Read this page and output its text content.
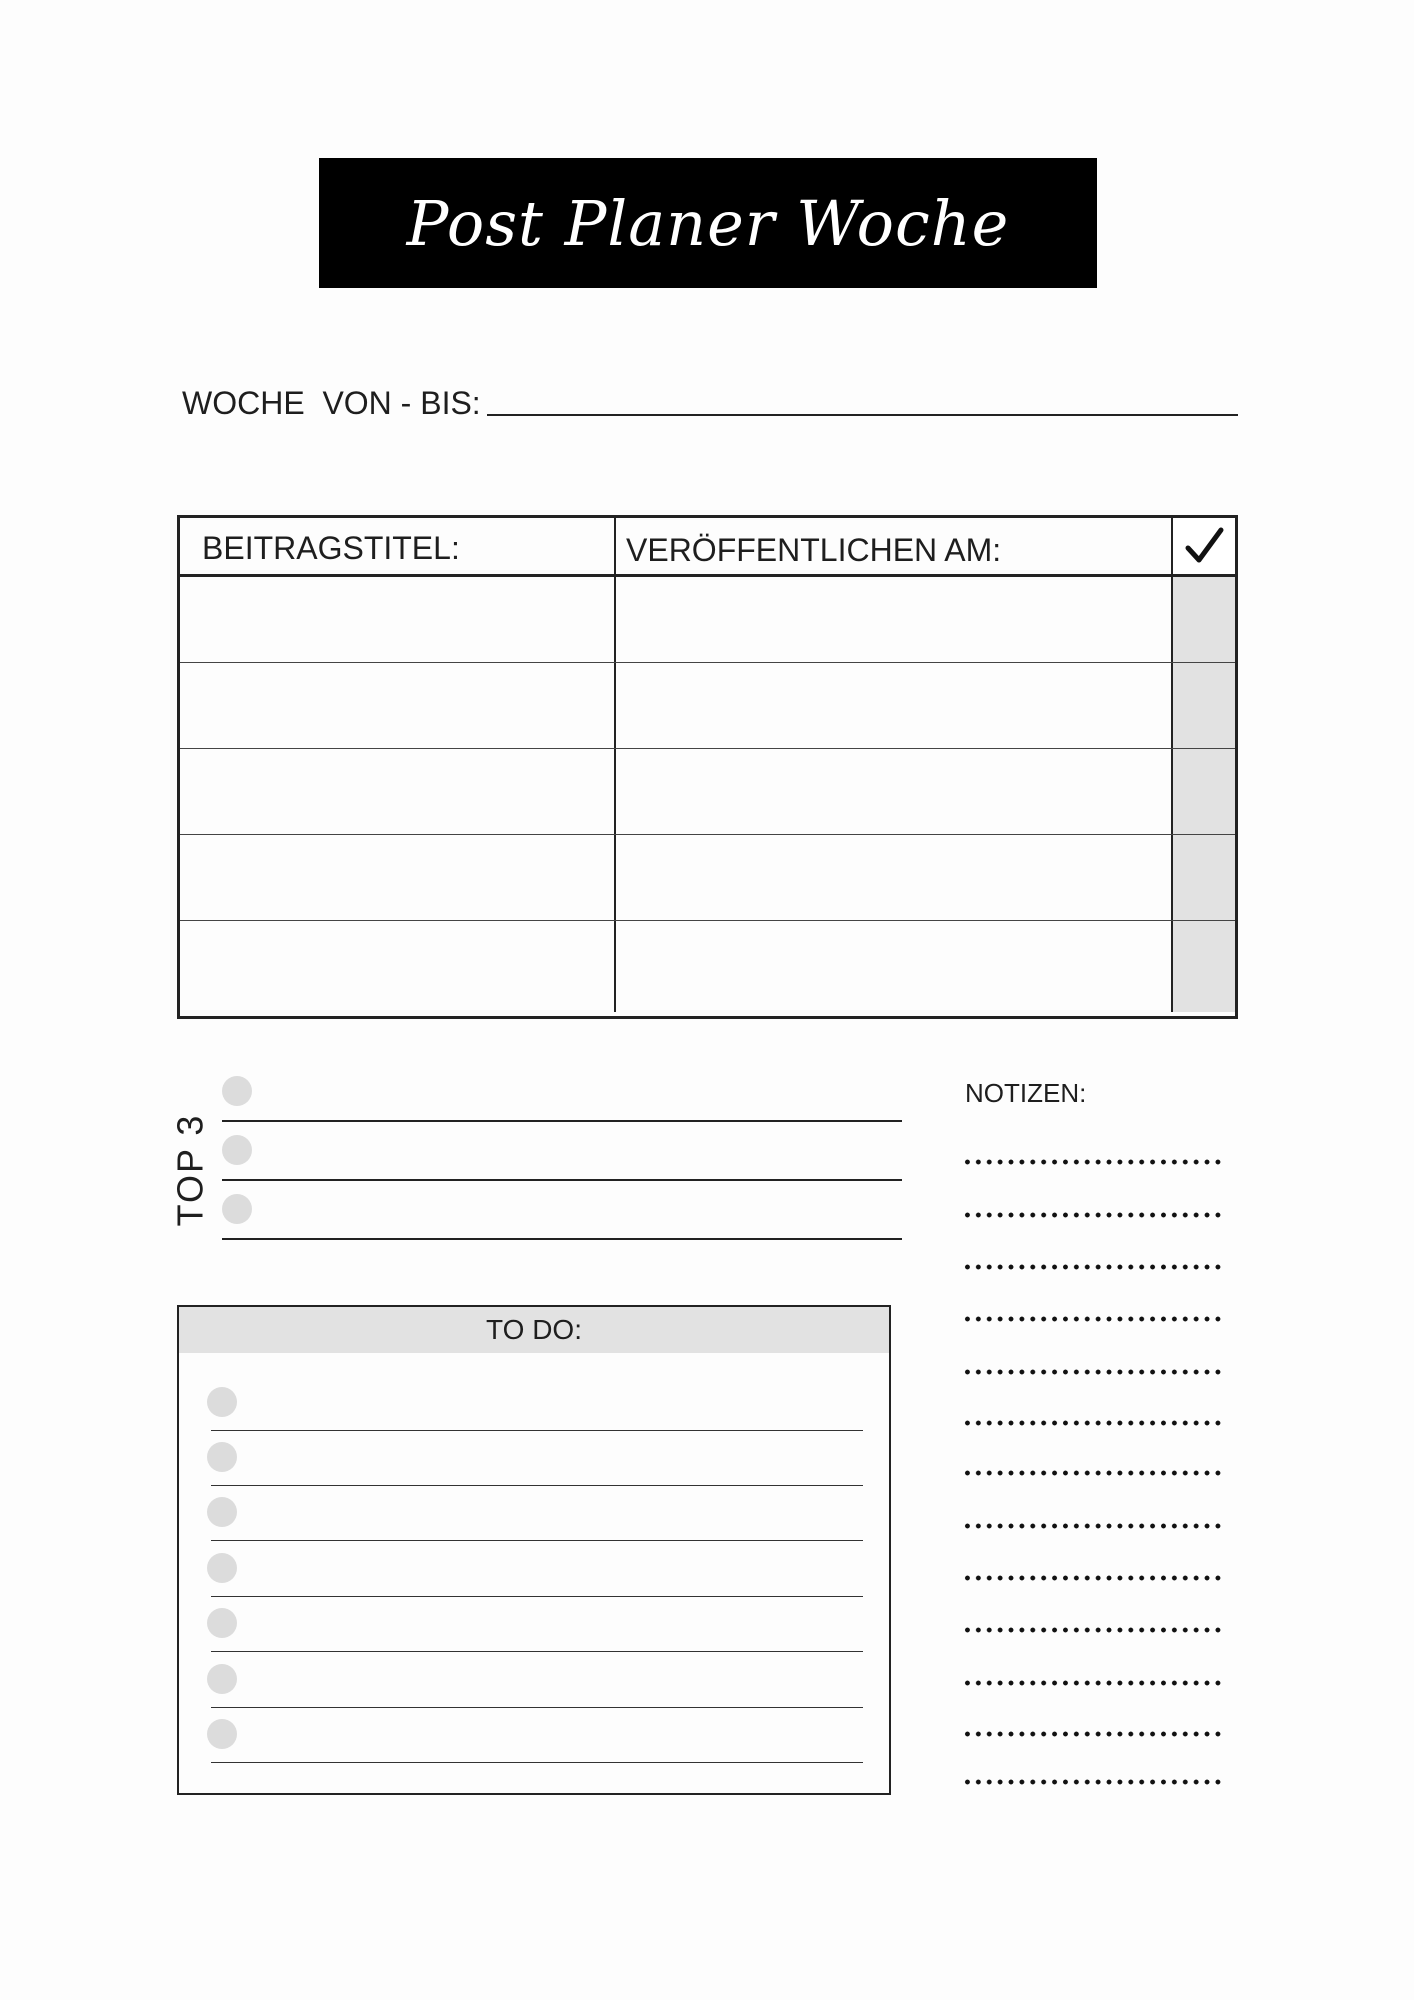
Post Planer Woche
WOCHE  VON - BIS:
BEITRAGSTITEL:	VERÖFFENTLICHEN AM:
TOP 3
TO DO:
NOTIZEN:
